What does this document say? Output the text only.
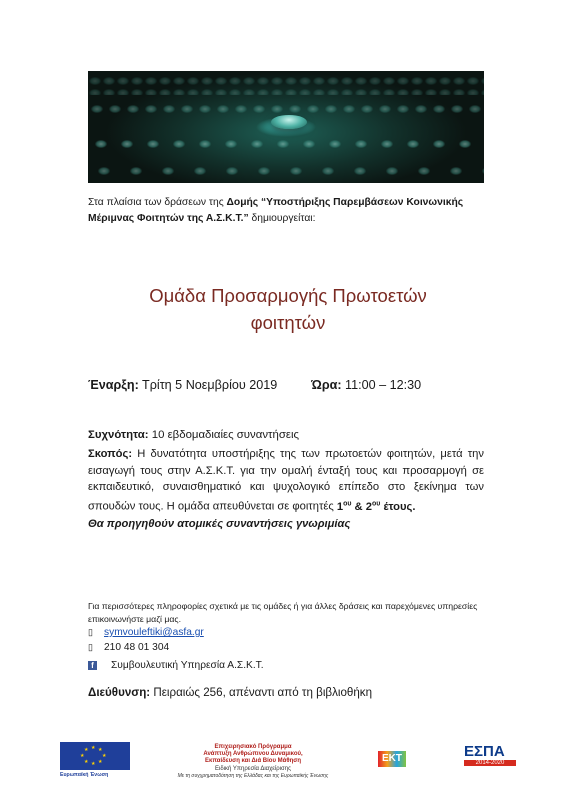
Στα πλαίσια των δράσεων της Δομής “Υποστήριξης Παρεμβάσεων Κοινωνικής Μέριμνας Φοιτητών της Α.Σ.Κ.Τ.” δημιουργείται:
Ομάδα Προσαρμογής Πρωτοετών
φοιτητών
Έναρξη: Τρίτη 5 Νοεμβρίου 2019	Ώρα: 11:00 – 12:30
Συχνότητα: 10 εβδομαδιαίες συναντήσεις
Σκοπός: Η δυνατότητα υποστήριξης της των πρωτοετών φοιτητών, μετά την εισαγωγή τους στην Α.Σ.Κ.Τ. για την ομαλή ένταξή τους και προσαρμογή σε εκπαιδευτικό, συναισθηματικό και ψυχολογικό επίπεδο στο ξεκίνημα των σπουδών τους. Η ομάδα απευθύνεται σε φοιτητές $1^{o\upsilon}$ & $2^{o\upsilon}$ έτους.
Θα προηγηθούν ατομικές συναντήσεις γνωριμίας
Για περισσότερες πληροφορίες σχετικά με τις ομάδες ή για άλλες δράσεις και παρεχόμενες υπηρεσίες επικοινωνήστε μαζί μας.
▯	symvouleftiki@asfa.gr
▯	210 48 01 304
f	Συμβουλευτική Υπηρεσία Α.Σ.Κ.Τ.
Διεύθυνση: Πειραιώς 256, απέναντι από τη βιβλιοθήκη
★ ★
★
★
★
★
★
★
Ευρωπαϊκή Ένωση
Επιχειρησιακό Πρόγραμμα
Ανάπτυξη Ανθρώπινου Δυναμικού,
Εκπαίδευση και Διά Βίου Μάθηση
Ειδική Υπηρεσία Διαχείρισης
Με τη συγχρηματοδότηση της Ελλάδας και της Ευρωπαϊκής Ένωσης
ΕΚΤ	ΕΣΠΑ
2014-2020
